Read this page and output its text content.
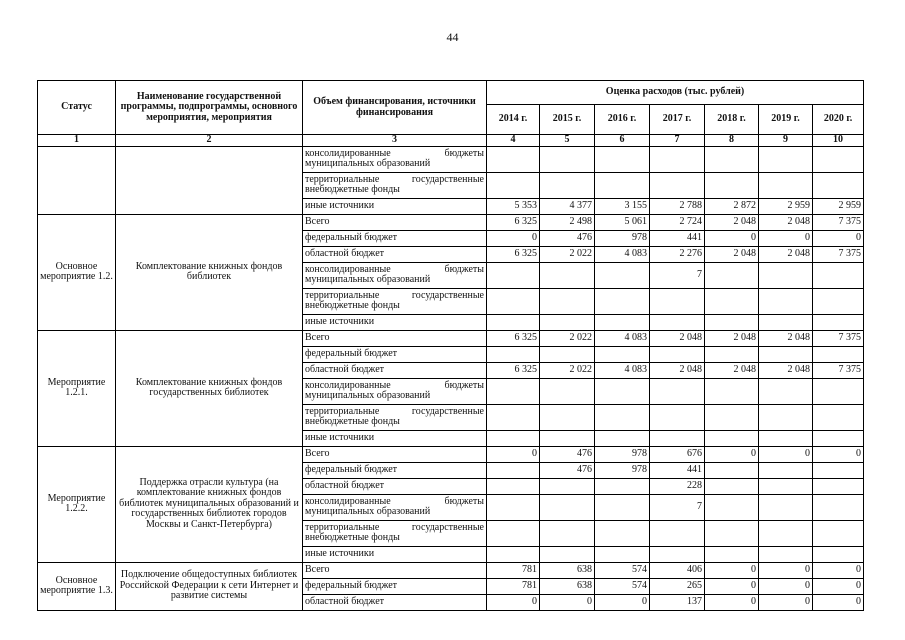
44
Статус	Наименование государственной программы, подпрограммы, основного мероприятия, мероприятия	Объем финансирования, источники финансирования	Оценка расходов (тыс. рублей)						
			2014 г.	2015 г.	2016 г.	2017 г.	2018 г.	2019 г.	2020 г.
1	2	3	4	5	6	7	8	9	10

		консолидированные бюджеты
муниципальных образований							

		территориальные государственные
внебюджетные фонды							

		иные источники	5 353	4 377	3 155	2 788	2 872	2 959	2 959
Основное мероприятие 1.2.	Комплектование книжных фондов библиотек	Всего	6 325	2 498	5 061	2 724	2 048	2 048	7 375
		федеральный бюджет	0	476	978	441	0	0	0
		областной бюджет	6 325	2 022	4 083	2 276	2 048	2 048	7 375

		консолидированные бюджеты
муниципальных образований				7			

		территориальные государственные
внебюджетные фонды							

		иные источники							
Мероприятие 1.2.1.	Комплектование книжных фондов государственных библиотек	Всего	6 325	2 022	4 083	2 048	2 048	2 048	7 375
		федеральный бюджет							
		областной бюджет	6 325	2 022	4 083	2 048	2 048	2 048	7 375

		консолидированные бюджеты
муниципальных образований							

		территориальные государственные
внебюджетные фонды							

		иные источники							
Мероприятие 1.2.2.	Поддержка отрасли культура (на комплектование книжных фондов библиотек муниципальных образований и государственных библиотек городов Москвы и Санкт-Петербурга)	Всего	0	476	978	676	0	0	0
		федеральный бюджет		476	978	441			
		областной бюджет				228			

		консолидированные бюджеты
муниципальных образований				7			

		территориальные государственные
внебюджетные фонды							

		иные источники							
Основное мероприятие 1.3.	Подключение общедоступных библиотек Российской Федерации к сети Интернет и развитие системы	Всего	781	638	574	406	0	0	0
		федеральный бюджет	781	638	574	265	0	0	0
		областной бюджет	0	0	0	137	0	0	0
